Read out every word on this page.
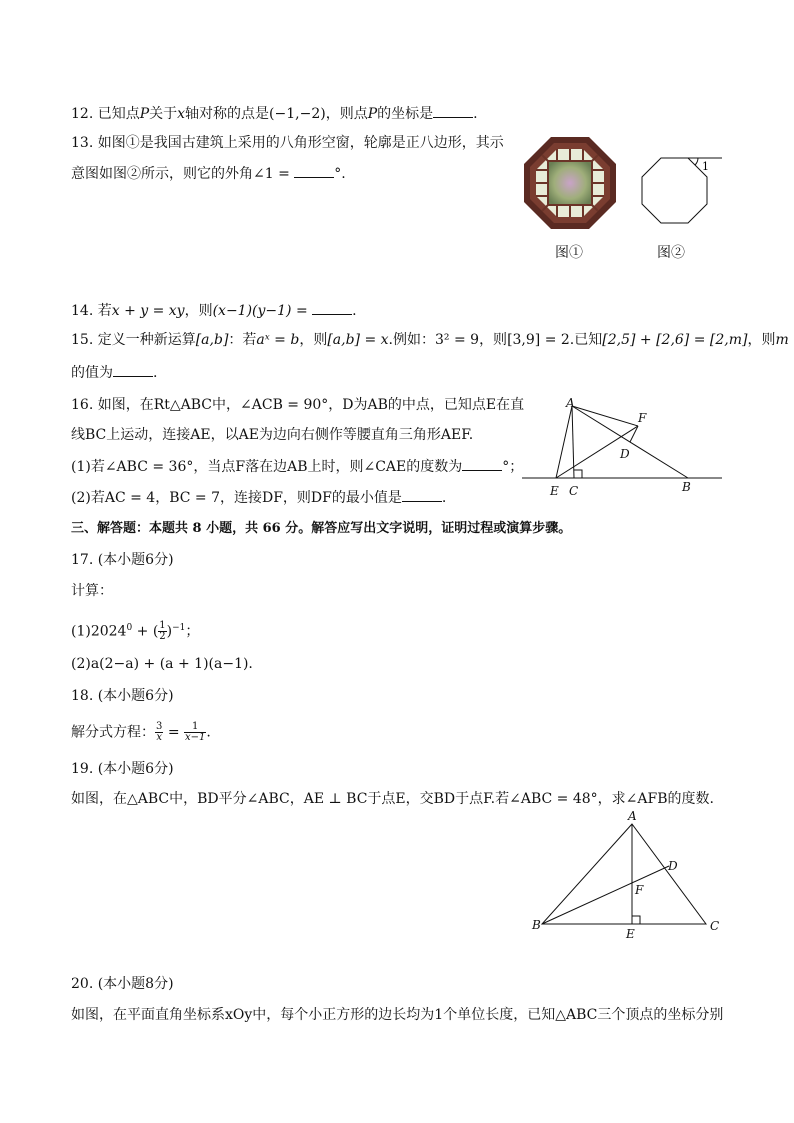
12. 已知点P关于x轴对称的点是(−1,−2)，则点P的坐标是	.
13. 如图①是我国古建筑上采用的八角形空窗，轮廓是正八边形，其示
意图如图②所示，则它的外角∠1 =	°.
图①
1
图②
14. 若x + y = xy，则(x−1)(y−1) =	.
15. 定义一种新运算[a,b]：若aˣ = b，则[a,b] = x.例如：3² = 9，则[3,9] = 2.已知[2,5] + [2,6] = [2,m]，则m
的值为	.
16. 如图，在Rt△ABC中，∠ACB = 90°，D为AB的中点，已知点E在直
线BC上运动，连接AE，以AE为边向右侧作等腰直角三角形AEF.
(1)若∠ABC = 36°，当点F落在边AB上时，则∠CAE的度数为	°；
(2)若AC = 4，BC = 7，连接DF，则DF的最小值是	.
A
F
D
E C	B
三、解答题：本题共 8 小题，共 66 分。解答应写出文字说明，证明过程或演算步骤。
17. (本小题6分)
计算：
$(1)2024^0$ + ( $\frac{1}{2} )^{-1}$；
(2)a(2−a) + (a + 1)(a−1).
18. (本小题6分)
解分式方程： $\frac{3}{x} = \frac{1}{x-1}$ .
19. (本小题6分)
如图，在△ABC中，BD平分∠ABC，AE ⊥ BC于点E，交BD于点F.若∠ABC = 48°，求∠AFB的度数.
A
D
F
B
E
C
20. (本小题8分)
如图，在平面直角坐标系xOy中，每个小正方形的边长均为1个单位长度，已知△ABC三个顶点的坐标分别
